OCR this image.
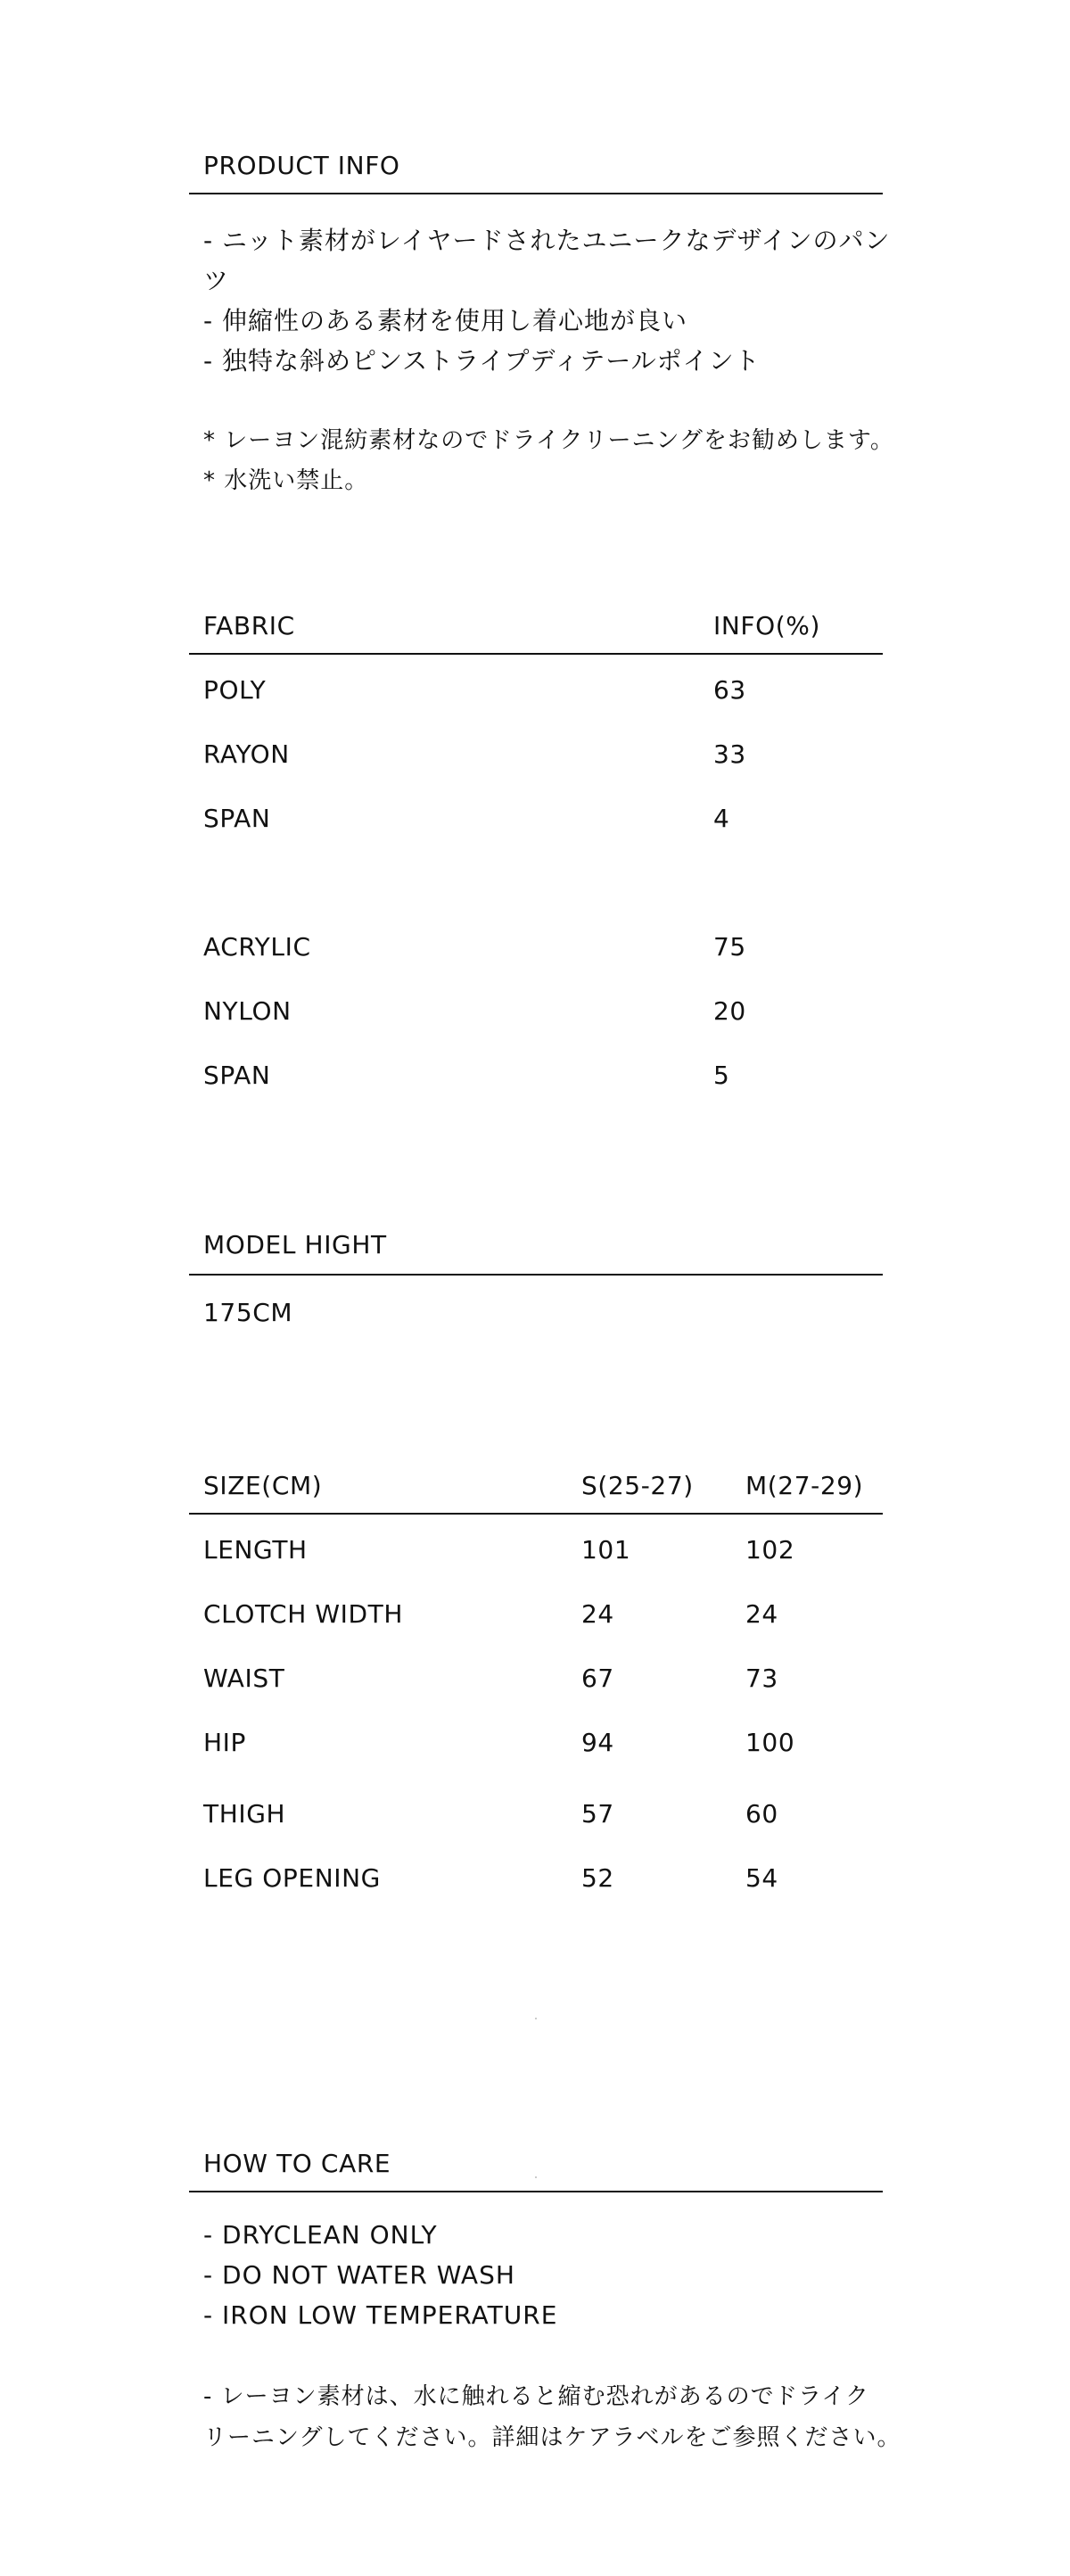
PRODUCT INFO
- ニット素材がレイヤードされたユニークなデザインのパン
ツ
- 伸縮性のある素材を使用し着心地が良い
- 独特な斜めピンストライプディテールポイント
* レーヨン混紡素材なのでドライクリーニングをお勧めします。
* 水洗い禁止。
FABRIC	INFO(%)
POLY	63
RAYON	33
SPAN	4
ACRYLIC	75
NYLON	20
SPAN	5
MODEL HIGHT
175CM
SIZE(CM)	S(25-27) M(27-29)
LENGTH	101	102
CLOTCH WIDTH	24	24
WAIST	67	73
HIP	94	100
THIGH	57	60
LEG OPENING	52	54
HOW TO CARE
- DRYCLEAN ONLY
- DO NOT WATER WASH
- IRON LOW TEMPERATURE
- レーヨン素材は、水に触れると縮む恐れがあるのでドライク
リーニングしてください。詳細はケアラベルをご参照ください。
